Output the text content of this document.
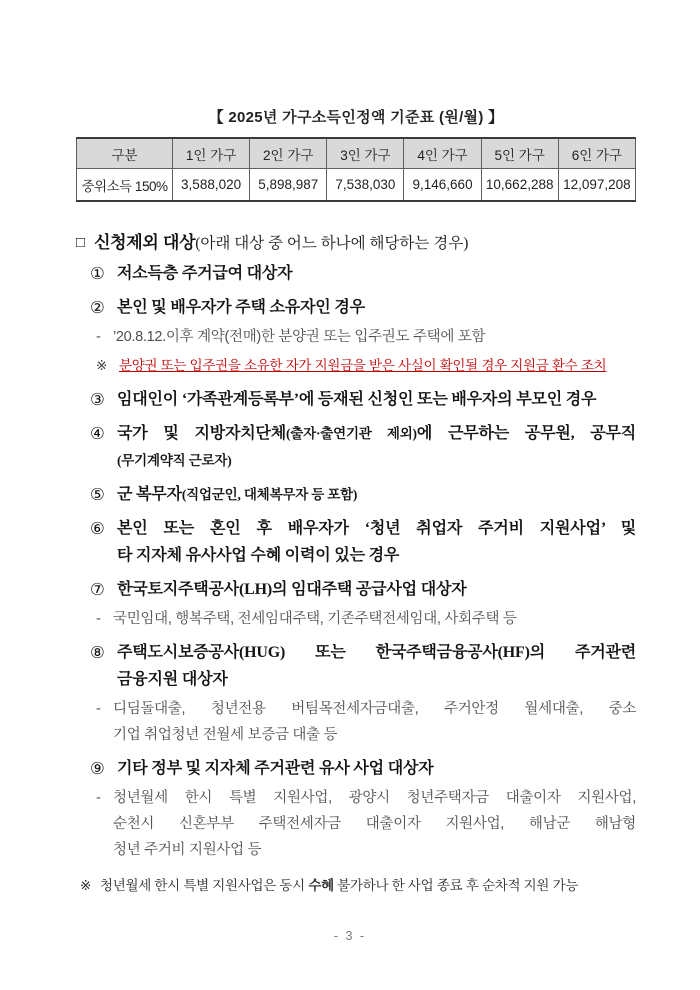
【 2025년 가구소득인정액 기준표 (원/월) 】
구분	1인 가구	2인 가구	3인 가구	4인 가구	5인 가구	6인 가구
중위소득 150%	3,588,020	5,898,987	7,538,030	9,146,660	10,662,288	12,097,208
□ 신청제외 대상(아래 대상 중 어느 하나에 해당하는 경우)
① 저소득층 주거급여 대상자
② 본인 및 배우자가 주택 소유자인 경우
- ’20.8.12.이후 계약(전매)한 분양권 또는 입주권도 주택에 포함
※ 분양권 또는 입주권을 소유한 자가 지원금을 받은 사실이 확인될 경우 지원금 환수 조치
③ 임대인이 ‘가족관계등록부’에 등재된 신청인 또는 배우자의 부모인 경우
④ 국가 및 지방자치단체(출자·출연기관 제외)에 근무하는 공무원, 공무직
(무기계약직 근로자)
⑤ 군 복무자(직업군인, 대체복무자 등 포함)
⑥ 본인 또는 혼인 후 배우자가 ‘청년 취업자 주거비 지원사업’ 및
타 지자체 유사사업 수혜 이력이 있는 경우
⑦ 한국토지주택공사(LH)의 임대주택 공급사업 대상자
- 국민임대, 행복주택, 전세임대주택, 기존주택전세임대, 사회주택 등
⑧ 주택도시보증공사(HUG) 또는 한국주택금융공사(HF)의 주거관련
금융지원 대상자
- 디딤돌대출, 청년전용 버팀목전세자금대출, 주거안정 월세대출, 중소
기업 취업청년 전월세 보증금 대출 등
⑨ 기타 정부 및 지자체 주거관련 유사 사업 대상자
- 청년월세 한시 특별 지원사업, 광양시 청년주택자금 대출이자 지원사업,
순천시 신혼부부 주택전세자금 대출이자 지원사업, 해남군 해남형
청년 주거비 지원사업 등
※ 청년월세 한시 특별 지원사업은 동시 수혜 불가하나 한 사업 종료 후 순차적 지원 가능
- 3 -
